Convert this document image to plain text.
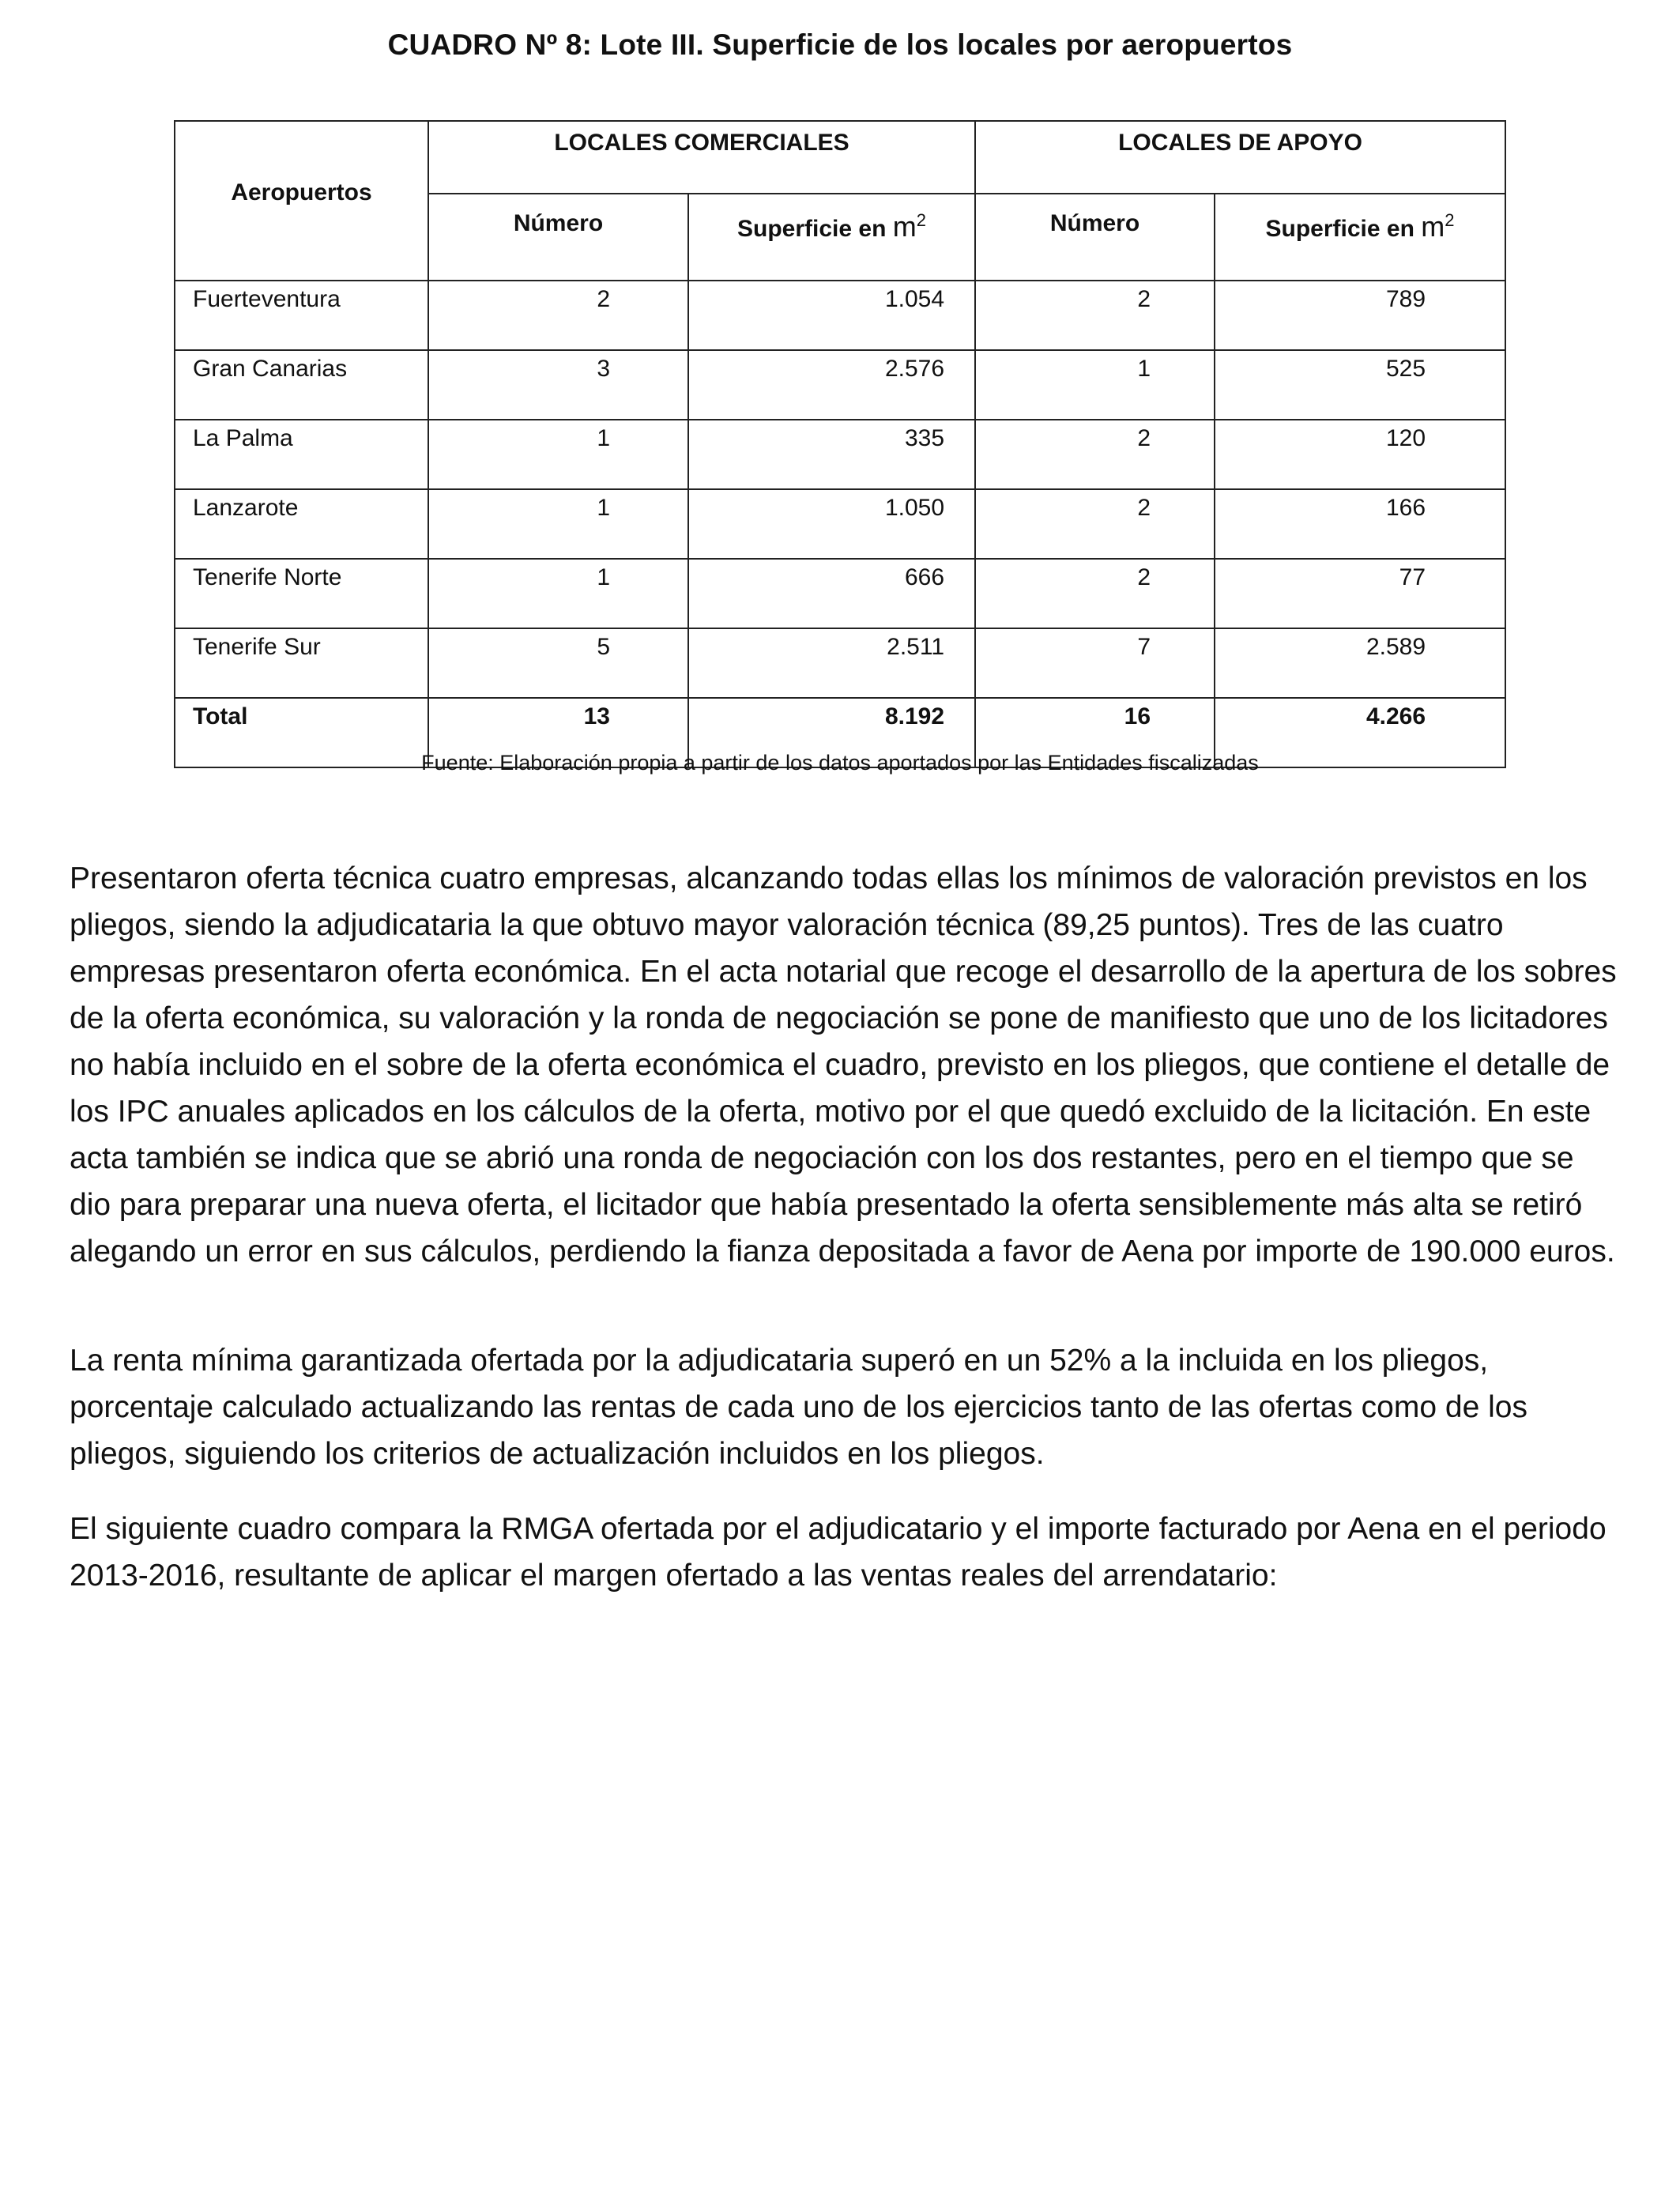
CUADRO Nº 8: Lote III. Superficie de los locales por aeropuertos
Aeropuertos	LOCALES COMERCIALES		LOCALES DE APOYO	
	Número	Superficie en $m^2$	Número	Superficie en $m^2$
Fuerteventura	2	1.054	2	789
Gran Canarias	3	2.576	1	525
La Palma	1	335	2	120
Lanzarote	1	1.050	2	166
Tenerife Norte	1	666	2	77
Tenerife Sur	5	2.511	7	2.589
Total	13	8.192	16	4.266
Fuente: Elaboración propia a partir de los datos aportados por las Entidades fiscalizadas

Presentaron oferta técnica cuatro empresas, alcanzando todas ellas los mínimos de valoración previstos en los pliegos, siendo la adjudicataria la que obtuvo mayor valoración técnica (89,25 puntos). Tres de las cuatro empresas presentaron oferta económica. En el acta notarial que recoge el desarrollo de la apertura de los sobres de la oferta económica, su valoración y la ronda de negociación se pone de manifiesto que uno de los licitadores no había incluido en el sobre de la oferta económica el cuadro, previsto en los pliegos, que contiene el detalle de los IPC anuales aplicados en los cálculos de la oferta, motivo por el que quedó excluido de la licitación. En este acta también se indica que se abrió una ronda de negociación con los dos restantes, pero en el tiempo que se dio para preparar una nueva oferta, el licitador que había presentado la oferta sensiblemente más alta se retiró alegando un error en sus cálculos, perdiendo la fianza depositada a favor de Aena por importe de 190.000 euros.

La renta mínima garantizada ofertada por la adjudicataria superó en un 52% a la incluida en los pliegos, porcentaje calculado actualizando las rentas de cada uno de los ejercicios tanto de las ofertas como de los pliegos, siguiendo los criterios de actualización incluidos en los pliegos.

El siguiente cuadro compara la RMGA ofertada por el adjudicatario y el importe facturado por Aena en el periodo 2013-2016, resultante de aplicar el margen ofertado a las ventas reales del arrendatario:
